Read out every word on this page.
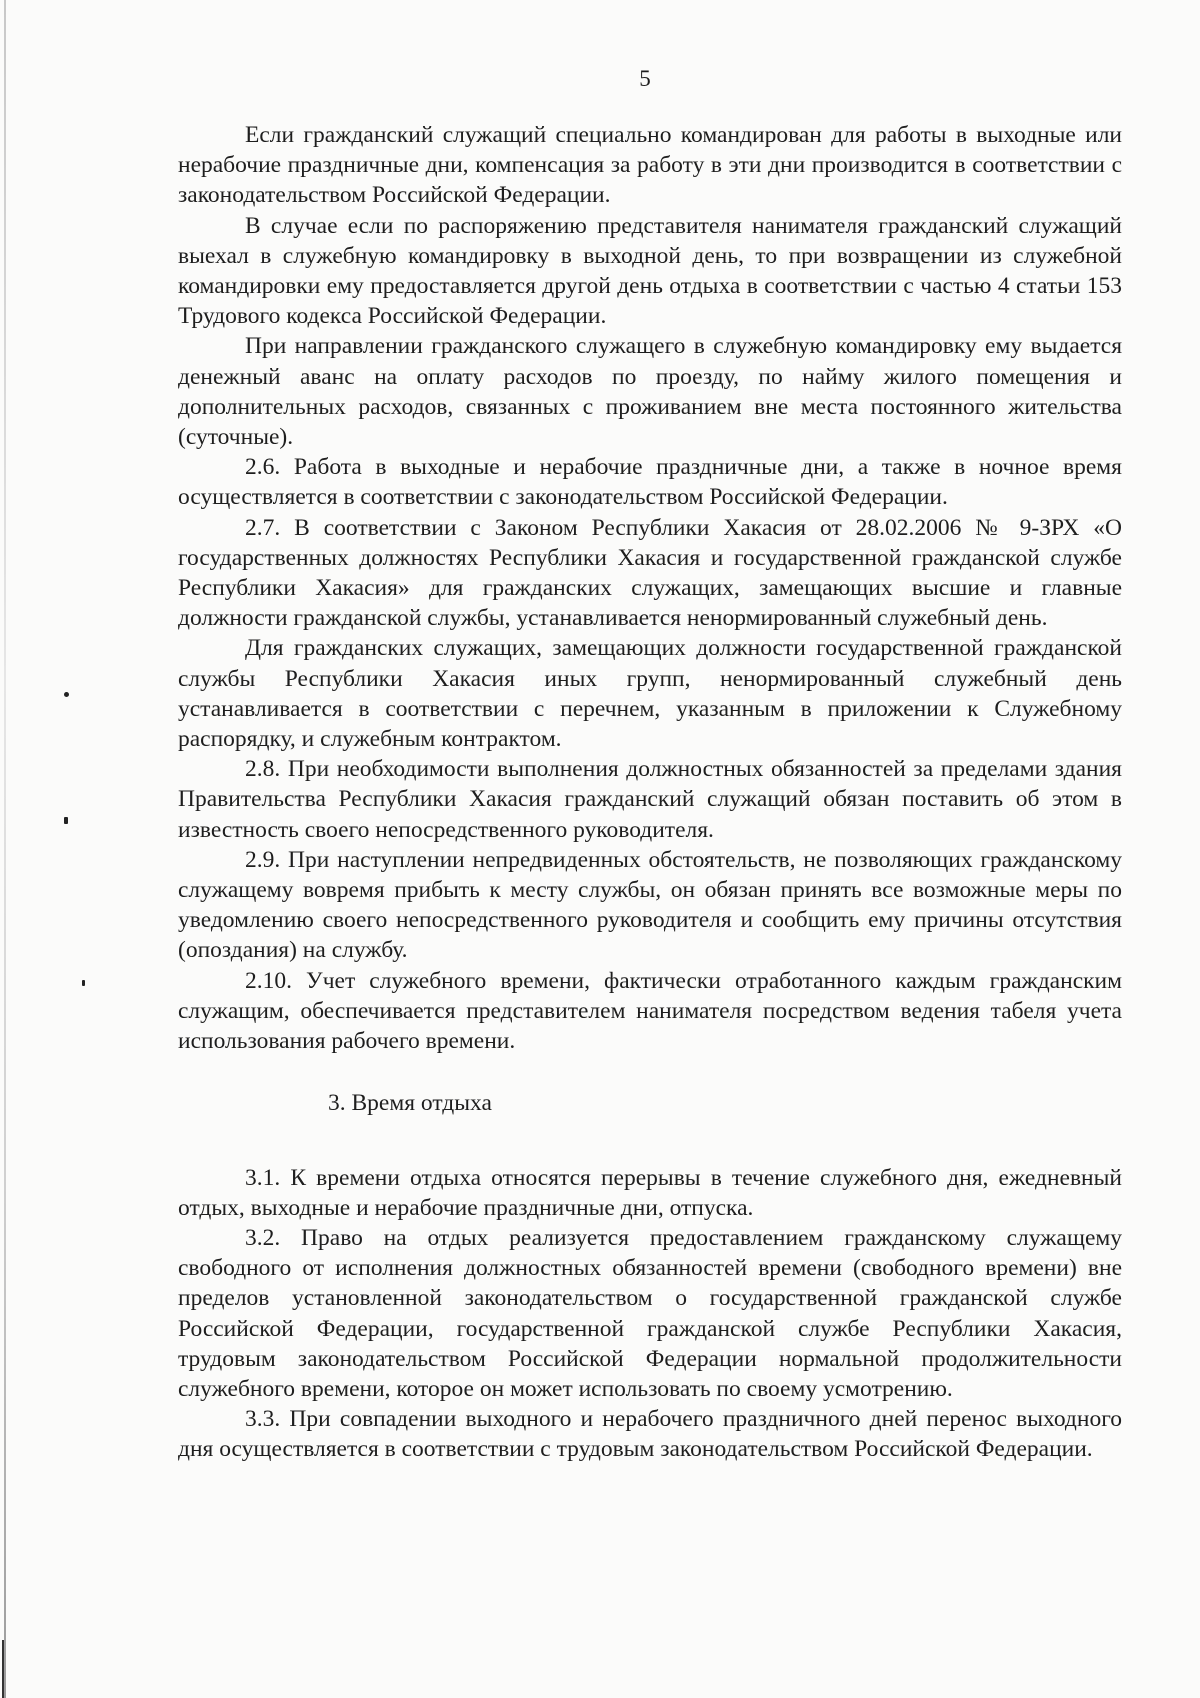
5

Если гражданский служащий специально командирован для работы в выходные или нерабочие праздничные дни, компенсация за работу в эти дни производится в соответствии с законодательством Российской Федерации.

В случае если по распоряжению представителя нанимателя гражданский служащий выехал в служебную командировку в выходной день, то при возвращении из служебной командировки ему предоставляется другой день отдыха в соответствии с частью 4 статьи 153 Трудового кодекса Российской Федерации.

При направлении гражданского служащего в служебную командировку ему выдается денежный аванс на оплату расходов по проезду, по найму жилого помещения и дополнительных расходов, связанных с проживанием вне места постоянного жительства (суточные).

2.6. Работа в выходные и нерабочие праздничные дни, а также в ночное время осуществляется в соответствии с законодательством Российской Федерации.

2.7. В соответствии с Законом Республики Хакасия от 28.02.2006 № 9-ЗРХ «О государственных должностях Республики Хакасия и государственной гражданской службе Республики Хакасия» для гражданских служащих, замещающих высшие и главные должности гражданской службы, устанавливается ненормированный служебный день.

Для гражданских служащих, замещающих должности государственной гражданской службы Республики Хакасия иных групп, ненормированный служебный день устанавливается в соответствии с перечнем, указанным в приложении к Служебному распорядку, и служебным контрактом.

2.8. При необходимости выполнения должностных обязанностей за пределами здания Правительства Республики Хакасия гражданский служащий обязан поставить об этом в известность своего непосредственного руководителя.

2.9. При наступлении непредвиденных обстоятельств, не позволяющих гражданскому служащему вовремя прибыть к месту службы, он обязан принять все возможные меры по уведомлению своего непосредственного руководителя и сообщить ему причины отсутствия (опоздания) на службу.

2.10. Учет служебного времени, фактически отработанного каждым гражданским служащим, обеспечивается представителем нанимателя посредством ведения табеля учета использования рабочего времени.

3. Время отдыха

3.1. К времени отдыха относятся перерывы в течение служебного дня, ежедневный отдых, выходные и нерабочие праздничные дни, отпуска.

3.2. Право на отдых реализуется предоставлением гражданскому служащему свободного от исполнения должностных обязанностей времени (свободного времени) вне пределов установленной законодательством о государственной гражданской службе Российской Федерации, государственной гражданской службе Республики Хакасия, трудовым законодательством Российской Федерации нормальной продолжительности служебного времени, которое он может использовать по своему усмотрению.

3.3. При совпадении выходного и нерабочего праздничного дней перенос выходного дня осуществляется в соответствии с трудовым законодательством Российской Федерации.
